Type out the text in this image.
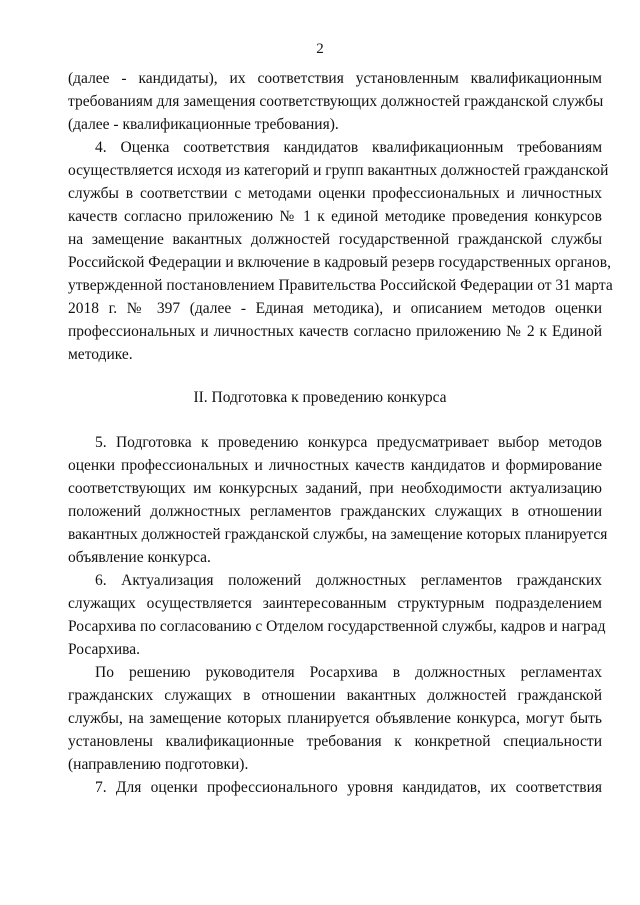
2
(далее - кандидаты), их соответствия установленным квалификационным
требованиям для замещения соответствующих должностей гражданской службы
(далее - квалификационные требования).
4. Оценка соответствия кандидатов квалификационным требованиям
осуществляется исходя из категорий и групп вакантных должностей гражданской
службы в соответствии с методами оценки профессиональных и личностных
качеств согласно приложению № 1 к единой методике проведения конкурсов
на замещение вакантных должностей государственной гражданской службы
Российской Федерации и включение в кадровый резерв государственных органов,
утвержденной постановлением Правительства Российской Федерации от 31 марта
2018 г. № 397 (далее - Единая методика), и описанием методов оценки
профессиональных и личностных качеств согласно приложению № 2 к Единой
методике.
II. Подготовка к проведению конкурса
5. Подготовка к проведению конкурса предусматривает выбор методов
оценки профессиональных и личностных качеств кандидатов и формирование
соответствующих им конкурсных заданий, при необходимости актуализацию
положений должностных регламентов гражданских служащих в отношении
вакантных должностей гражданской службы, на замещение которых планируется
объявление конкурса.
6. Актуализация положений должностных регламентов гражданских
служащих осуществляется заинтересованным структурным подразделением
Росархива по согласованию с Отделом государственной службы, кадров и наград
Росархива.
По решению руководителя Росархива в должностных регламентах
гражданских служащих в отношении вакантных должностей гражданской
службы, на замещение которых планируется объявление конкурса, могут быть
установлены квалификационные требования к конкретной специальности
(направлению подготовки).
7. Для оценки профессионального уровня кандидатов, их соответствия
